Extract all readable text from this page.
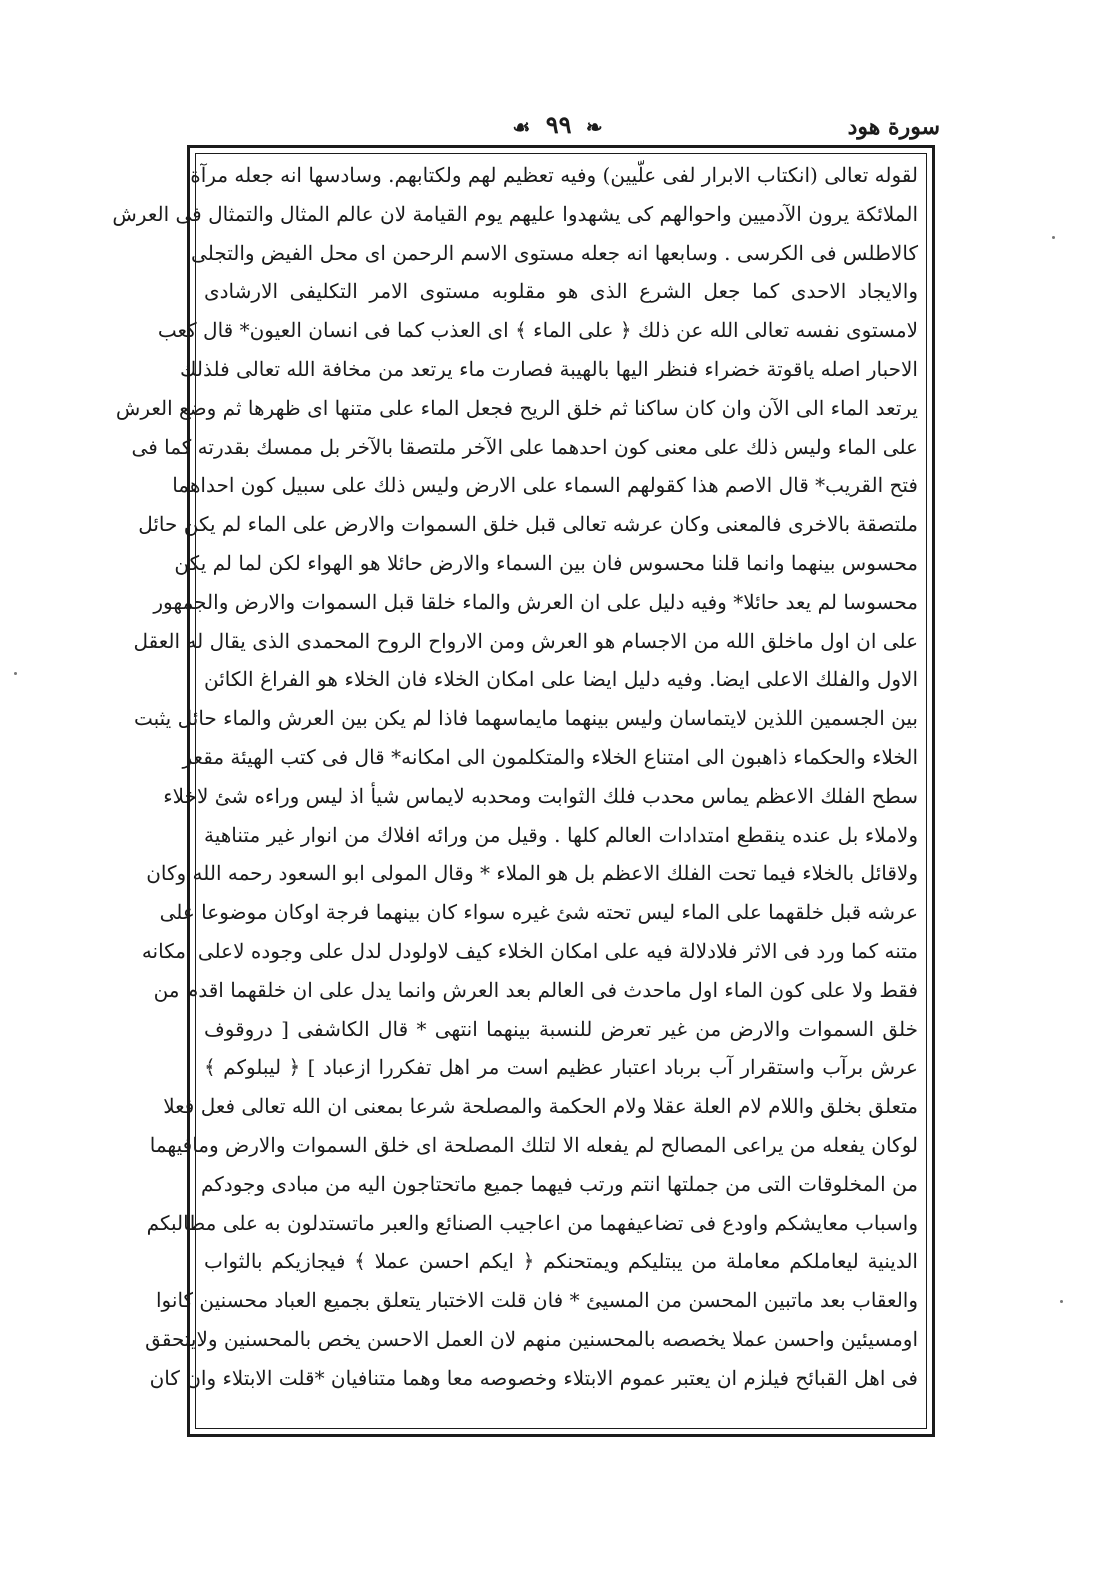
❧ ٩٩ ☙	سورة هود
لقوله تعالى (انكتاب الابرار لفى علّيين) وفيه تعظيم لهم ولكتابهم. وسادسها انه جعله مرآة
الملائكة يرون الآدميين واحوالهم كى يشهدوا عليهم يوم القيامة لان عالم المثال والتمثال فى العرش
كالاطلس فى الكرسى . وسابعها انه جعله مستوى الاسم الرحمن اى محل الفيض والتجلى
والايجاد الاحدى كما جعل الشرع الذى هو مقلوبه مستوى الامر التكليفى الارشادى
لامستوى نفسه تعالى الله عن ذلك ﴿ على الماء ﴾ اى العذب كما فى انسان العيون* قال كعب
الاحبار اصله ياقوتة خضراء فنظر اليها بالهيبة فصارت ماء يرتعد من مخافة الله تعالى فلذلك
يرتعد الماء الى الآن وان كان ساكنا ثم خلق الريح فجعل الماء على متنها اى ظهرها ثم وضع العرش
على الماء وليس ذلك على معنى كون احدهما على الآخر ملتصقا بالآخر بل ممسك بقدرته كما فى
فتح القريب* قال الاصم هذا كقولهم السماء على الارض وليس ذلك على سبيل كون احداهما
ملتصقة بالاخرى فالمعنى وكان عرشه تعالى قبل خلق السموات والارض على الماء لم يكن حائل
محسوس بينهما وانما قلنا محسوس فان بين السماء والارض حائلا هو الهواء لكن لما لم يكن
محسوسا لم يعد حائلا* وفيه دليل على ان العرش والماء خلقا قبل السموات والارض والجمهور
على ان اول ماخلق الله من الاجسام هو العرش ومن الارواح الروح المحمدى الذى يقال له العقل
الاول والفلك الاعلى ايضا. وفيه دليل ايضا على امكان الخلاء فان الخلاء هو الفراغ الكائن
بين الجسمين اللذين لايتماسان وليس بينهما مايماسهما فاذا لم يكن بين العرش والماء حائل يثبت
الخلاء والحكماء ذاهبون الى امتناع الخلاء والمتكلمون الى امكانه* قال فى كتب الهيئة مقعر
سطح الفلك الاعظم يماس محدب فلك الثوابت ومحدبه لايماس شيأ اذ ليس وراءه شئ لاخلاء
ولاملاء بل عنده ينقطع امتدادات العالم كلها . وقيل من ورائه افلاك من انوار غير متناهية
ولاقائل بالخلاء فيما تحت الفلك الاعظم بل هو الملاء * وقال المولى ابو السعود رحمه الله وكان
عرشه قبل خلقهما على الماء ليس تحته شئ غيره سواء كان بينهما فرجة اوكان موضوعا على
متنه كما ورد فى الاثر فلادلالة فيه على امكان الخلاء كيف لاولودل لدل على وجوده لاعلى امكانه
فقط ولا على كون الماء اول ماحدث فى العالم بعد العرش وانما يدل على ان خلقهما اقدم من
خلق السموات والارض من غير تعرض للنسبة بينهما انتهى * قال الكاشفى [ دروقوف
عرش برآب واستقرار آب برباد اعتبار عظيم است مر اهل تفكررا ازعباد ] ﴿ ليبلوكم ﴾
متعلق بخلق واللام لام العلة عقلا ولام الحكمة والمصلحة شرعا بمعنى ان الله تعالى فعل فعلا
لوكان يفعله من يراعى المصالح لم يفعله الا لتلك المصلحة اى خلق السموات والارض ومافيهما
من المخلوقات التى من جملتها انتم ورتب فيهما جميع ماتحتاجون اليه من مبادى وجودكم
واسباب معايشكم واودع فى تضاعيفهما من اعاجيب الصنائع والعبر ماتستدلون به على مطالبكم
الدينية ليعاملكم معاملة من يبتليكم ويمتحنكم ﴿ ايكم احسن عملا ﴾ فيجازيكم بالثواب
والعقاب بعد ماتبين المحسن من المسيئ * فان قلت الاختبار يتعلق بجميع العباد محسنين كانوا
اومسيئين واحسن عملا يخصصه بالمحسنين منهم لان العمل الاحسن يخص بالمحسنين ولايتحقق
فى اهل القبائح فيلزم ان يعتبر عموم الابتلاء وخصوصه معا وهما متنافيان *قلت الابتلاء وان كان
